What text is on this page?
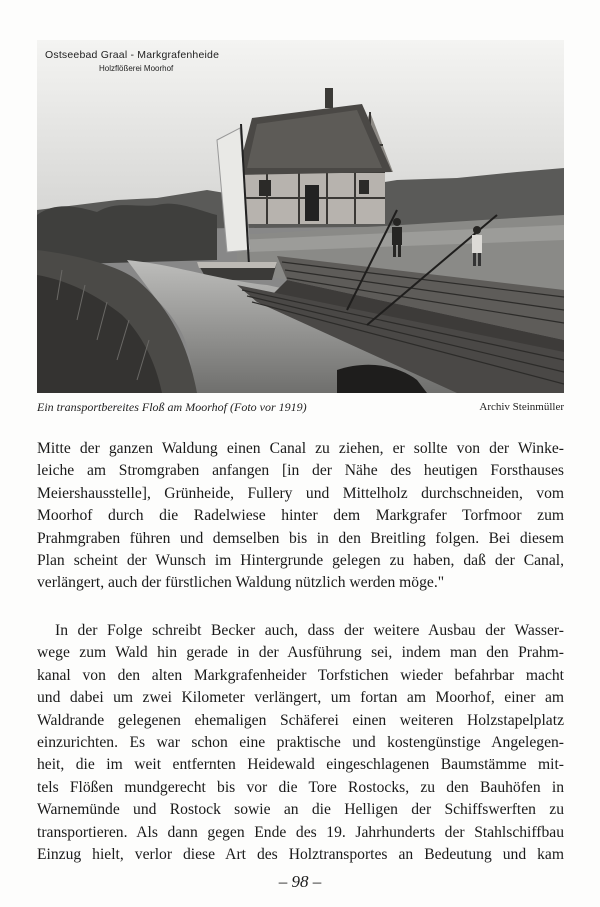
Ostseebad Graal - Markgrafenheide
Holzflößerei Moorhof
Ein transportbereites Floß am Moorhof (Foto vor 1919)	Archiv Steinmüller
Mitte der ganzen Waldung einen Canal zu ziehen, er sollte von der Winke-
leiche am Stromgraben anfangen [in der Nähe des heutigen Forsthauses
Meiershausstelle], Grünheide, Fullery und Mittelholz durchschneiden, vom
Moorhof durch die Radelwiese hinter dem Markgrafer Torfmoor zum
Prahmgraben führen und demselben bis in den Breitling folgen. Bei diesem
Plan scheint der Wunsch im Hintergrunde gelegen zu haben, daß der Canal,
verlängert, auch der fürstlichen Waldung nützlich werden möge."
In der Folge schreibt Becker auch, dass der weitere Ausbau der Wasser-
wege zum Wald hin gerade in der Ausführung sei, indem man den Prahm-
kanal von den alten Markgrafenheider Torfstichen wieder befahrbar macht
und dabei um zwei Kilometer verlängert, um fortan am Moorhof, einer am
Waldrande gelegenen ehemaligen Schäferei einen weiteren Holzstapelplatz
einzurichten. Es war schon eine praktische und kostengünstige Angelegen-
heit, die im weit entfernten Heidewald eingeschlagenen Baumstämme mit-
tels Flößen mundgerecht bis vor die Tore Rostocks, zu den Bauhöfen in
Warnemünde und Rostock sowie an die Helligen der Schiffswerften zu
transportieren. Als dann gegen Ende des 19. Jahrhunderts der Stahlschiffbau
Einzug hielt, verlor diese Art des Holztransportes an Bedeutung und kam
– 98 –
